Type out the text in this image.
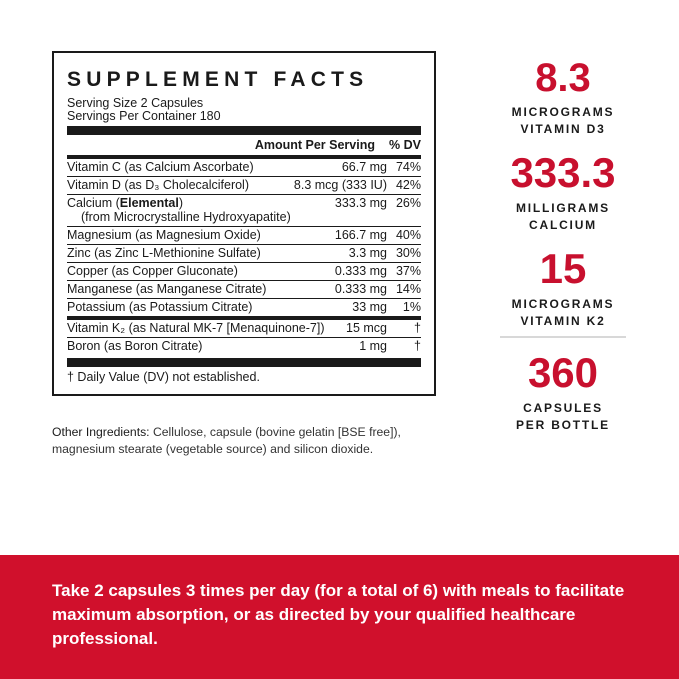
SUPPLEMENT FACTS
Serving Size 2 Capsules
Servings Per Container 180
Amount Per Serving % DV
Vitamin C (as Calcium Ascorbate)	66.7 mg 74%
Vitamin D (as D₃ Cholecalciferol)	8.3 mcg (333 IU) 42%
Calcium (Elemental)
(from Microcrystalline Hydroxyapatite)
333.3 mg 26%
Magnesium (as Magnesium Oxide)	166.7 mg 40%
Zinc (as Zinc L-Methionine Sulfate)	3.3 mg 30%
Copper (as Copper Gluconate)	0.333 mg 37%
Manganese (as Manganese Citrate)	0.333 mg 14%
Potassium (as Potassium Citrate)	33 mg	1%
Vitamin K₂ (as Natural MK-7 [Menaquinone-7])	15 mcg	†
Boron (as Boron Citrate)	1 mg	†
† Daily Value (DV) not established.
Other Ingredients: Cellulose, capsule (bovine gelatin [BSE free]), magnesium stearate (vegetable source) and silicon dioxide.
8.3
MICROGRAMS
VITAMIN D3
333.3
MILLIGRAMS
CALCIUM
15
MICROGRAMS
VITAMIN K2
360
CAPSULES
PER BOTTLE
Take 2 capsules 3 times per day (for a total of 6) with meals to facilitate maximum absorption, or as directed by your qualified healthcare professional.
